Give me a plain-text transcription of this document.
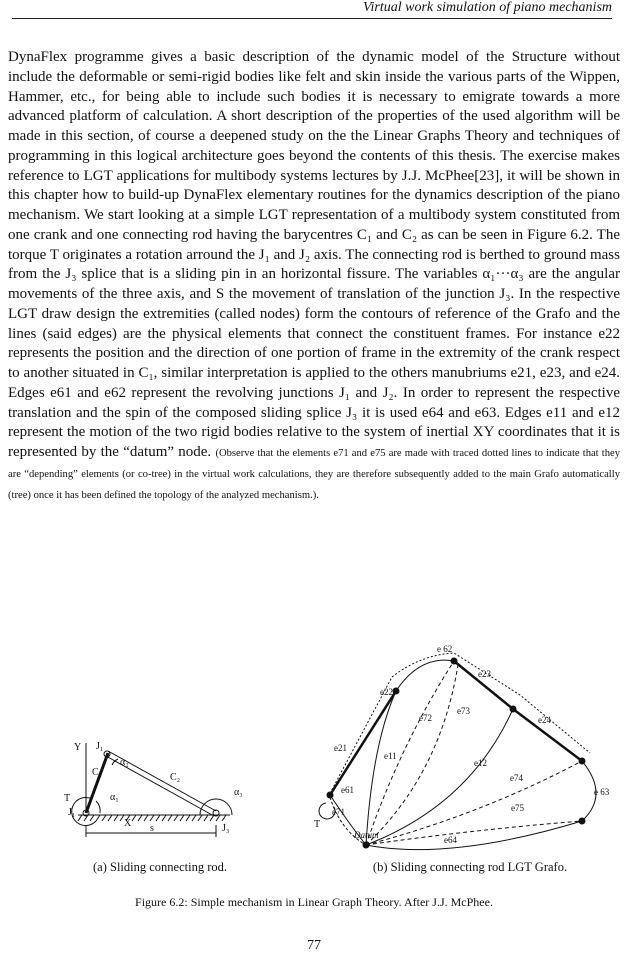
Virtual work simulation of piano mechanism

DynaFlex programme gives a basic description of the dynamic model of the Structure without include the deformable or semi-rigid bodies like felt and skin inside the various parts of the Wippen, Hammer, etc., for being able to include such bodies it is necessary to emigrate towards a more advanced platform of calculation. A short description of the properties of the used algorithm will be made in this section, of course a deepened study on the the Linear Graphs Theory and techniques of programming in this logical architecture goes beyond the contents of this thesis. The exercise makes reference to LGT applications for multibody systems lectures by J.J. McPhee[23], it will be shown in this chapter how to build-up DynaFlex elementary routines for the dynamics description of the piano mechanism. We start looking at a simple LGT representation of a multibody system constituted from one crank and one connecting rod having the barycentres C₁ and C₂ as can be seen in Figure 6.2. The torque T originates a rotation arround the J₁ and J₂ axis. The connecting rod is berthed to ground mass from the J₃ splice that is a sliding pin in an horizontal fissure. The variables α₁···α₃ are the angular movements of the three axis, and S the movement of translation of the junction J₃. In the respective LGT draw design the extremities (called nodes) form the contours of reference of the Grafo and the lines (said edges) are the physical elements that connect the constituent frames. For instance e22 represents the position and the direction of one portion of frame in the extremity of the crank respect to another situated in C₁, similar interpretation is applied to the others manubriums e21, e23, and e24. Edges e61 and e62 represent the revolving junctions J₁ and J₂. In order to represent the respective translation and the spin of the composed sliding splice J₃ it is used e64 and e63. Edges e11 and e12 represent the motion of the two rigid bodies relative to the system of inertial XY coordinates that it is represented by the “datum” node. (Observe that the elements e71 and e75 are made with traced dotted lines to indicate that they are “depending” elements (or co-tree) in the virtual work calculations, they are therefore subsequently added to the main Grafo automatically (tree) once it has been defined the topology of the analyzed mechanism.).

Y J₁
C₁
α₁
α₂
C₂
α₃
T
J₁
X s	J₃
e 62
e23
e22
e72
e73
e24
e21
e11
e12
e74
e 63
e61
e71	e75
e64
T
Datum
(a) Sliding connecting rod.	(b) Sliding connecting rod LGT Grafo.
Figure 6.2: Simple mechanism in Linear Graph Theory. After J.J. McPhee.
77
